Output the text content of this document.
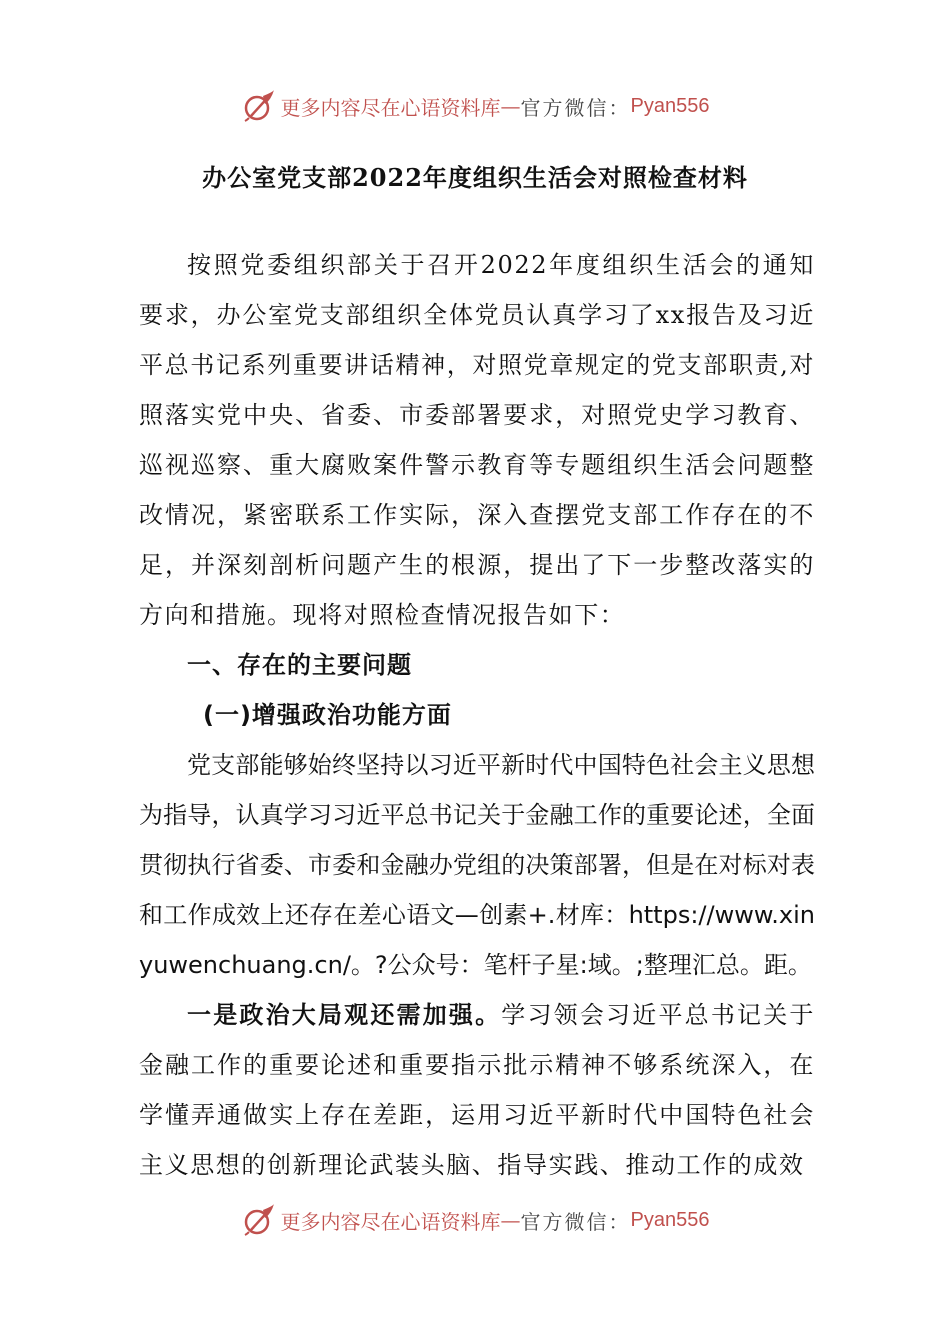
更多内容尽在心语资料库 — 官方微信： Pyan556
办公室党支部2022年度组织生活会对照检查材料

按照党委组织部关于召开2022年度组织生活会的通知要求，办公室党支部组织全体党员认真学习了xx报告及习近平总书记系列重要讲话精神，对照党章规定的党支部职责,对照落实党中央、省委、市委部署要求，对照党史学习教育、巡视巡察、重大腐败案件警示教育等专题组织生活会问题整改情况，紧密联系工作实际，深入查摆党支部工作存在的不足，并深刻剖析问题产生的根源，提出了下一步整改落实的方向和措施。现将对照检查情况报告如下：

一、存在的主要问题

(一)增强政治功能方面

党支部能够始终坚持以习近平新时代中国特色社会主义思想为指导，认真学习习近平总书记关于金融工作的重要论述，全面贯彻执行省委、市委和金融办党组的决策部署，但是在对标对表和工作成效上还存在差心语文—创素+.材库：https://www.xinyuwenchuang.cn/。?公众号：笔杆子星:域。;整理汇总。距。

一是政治大局观还需加强。学习领会习近平总书记关于金融工作的重要论述和重要指示批示精神不够系统深入，在学懂弄通做实上存在差距，运用习近平新时代中国特色社会主义思想的创新理论武装头脑、指导实践、推动工作的成效

更多内容尽在心语资料库 — 官方微信： Pyan556
